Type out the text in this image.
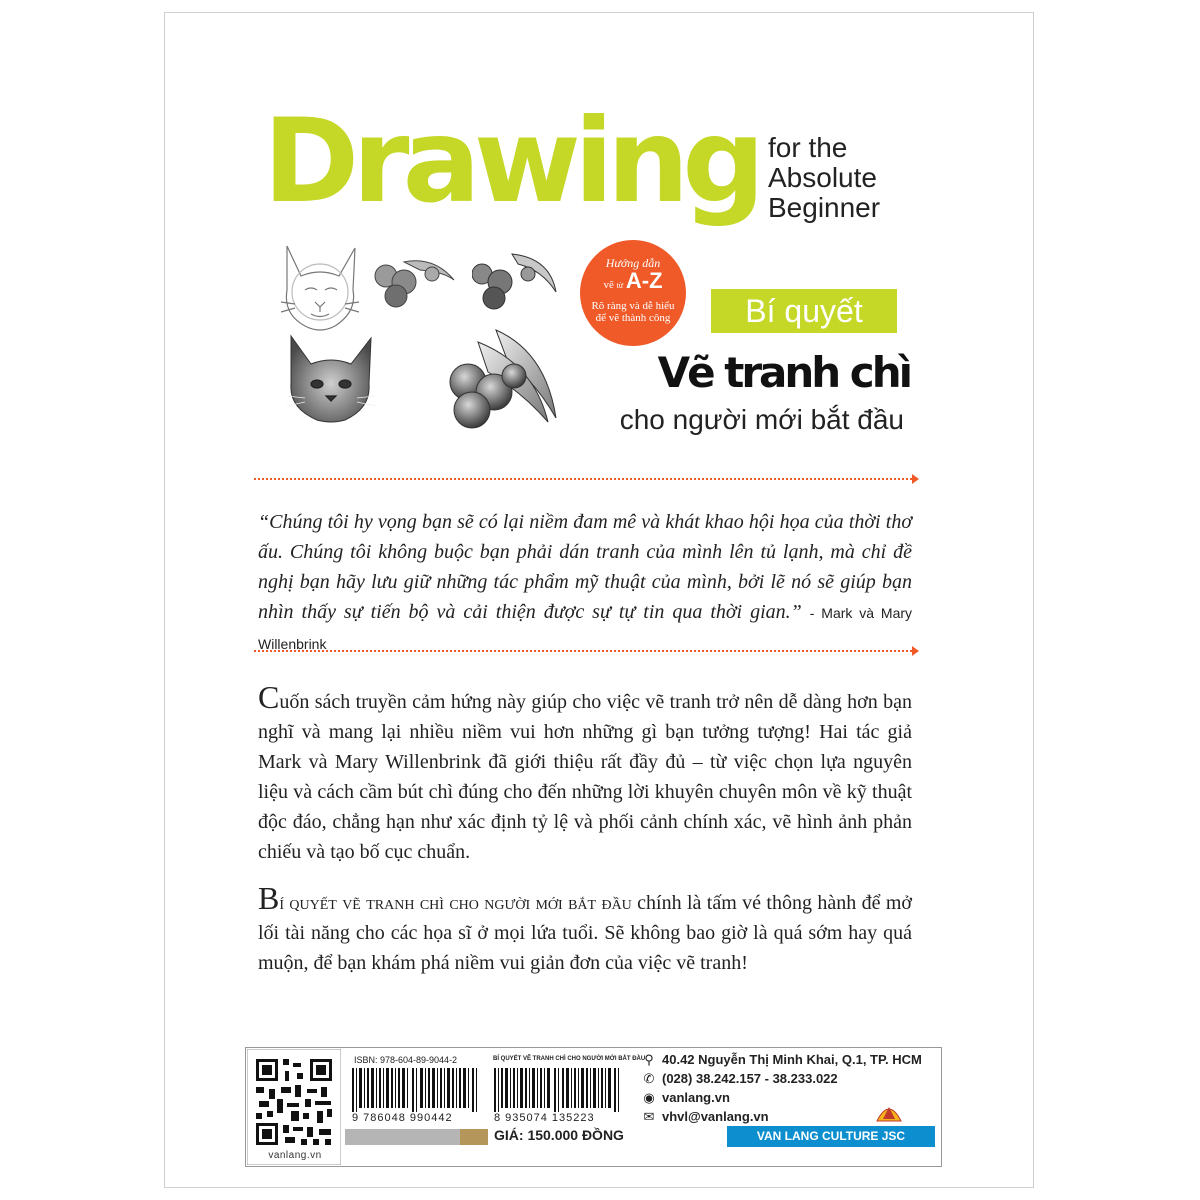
Drawing for the
Absolute
Beginner
Hướng dẫn
vẽ từ A-Z
Rõ ràng và dễ hiểu để vẽ thành công	Bí quyết
Vẽ tranh chì
cho người mới bắt đầu
“Chúng tôi hy vọng bạn sẽ có lại niềm đam mê và khát khao hội họa của thời thơ ấu. Chúng tôi không buộc bạn phải dán tranh của mình lên tủ lạnh, mà chỉ đề nghị bạn hãy lưu giữ những tác phẩm mỹ thuật của mình, bởi lẽ nó sẽ giúp bạn nhìn thấy sự tiến bộ và cải thiện được sự tự tin qua thời gian.” - Mark và Mary Willenbrink
Cuốn sách truyền cảm hứng này giúp cho việc vẽ tranh trở nên dễ dàng hơn bạn nghĩ và mang lại nhiều niềm vui hơn những gì bạn tưởng tượng! Hai tác giả Mark và Mary Willenbrink đã giới thiệu rất đầy đủ – từ việc chọn lựa nguyên liệu và cách cầm bút chì đúng cho đến những lời khuyên chuyên môn về kỹ thuật độc đáo, chẳng hạn như xác định tỷ lệ và phối cảnh chính xác, vẽ hình ảnh phản chiếu và tạo bố cục chuẩn.
Bí quyết vẽ tranh chì cho người mới bắt đầu chính là tấm vé thông hành để mở lối tài năng cho các họa sĩ ở mọi lứa tuổi. Sẽ không bao giờ là quá sớm hay quá muộn, để bạn khám phá niềm vui giản đơn của việc vẽ tranh!
vanlang.vn
ISBN: 978-604-89-9044-2	BÍ QUYẾT VẼ TRANH CHÌ CHO NGƯỜI MỚI BẮT ĐẦU
9 786048 990442	8 935074 135223
GIÁ: 150.000 ĐỒNG
⚲ 40.42 Nguyễn Thị Minh Khai, Q.1, TP. HCM
✆ (028) 38.242.157 - 38.233.022
◉ vanlang.vn
✉ vhvl@vanlang.vn
VAN LANG CULTURE JSC
